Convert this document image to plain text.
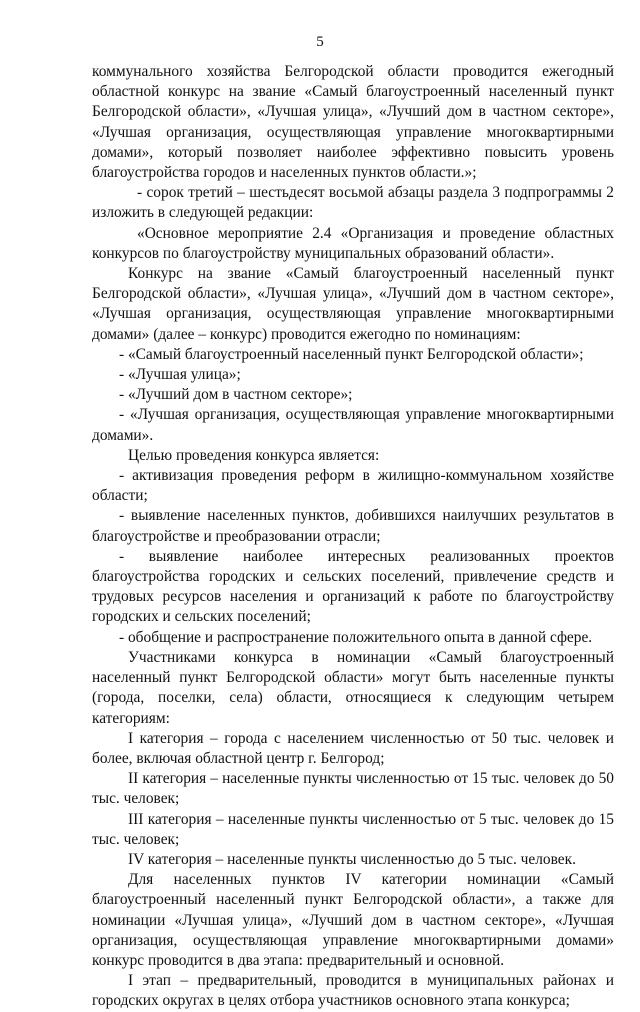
5

коммунального хозяйства Белгородской области проводится ежегодный областной конкурс на звание «Самый благоустроенный населенный пункт Белгородской области», «Лучшая улица», «Лучший дом в частном секторе», «Лучшая организация, осуществляющая управление многоквартирными домами», который позволяет наиболее эффективно повысить уровень благоустройства городов и населенных пунктов области.»;

- сорок третий – шестьдесят восьмой абзацы раздела 3 подпрограммы 2 изложить в следующей редакции:

«Основное мероприятие 2.4 «Организация и проведение областных конкурсов по благоустройству муниципальных образований области».

Конкурс на звание «Самый благоустроенный населенный пункт Белгородской области», «Лучшая улица», «Лучший дом в частном секторе», «Лучшая организация, осуществляющая управление многоквартирными домами» (далее – конкурс) проводится ежегодно по номинациям:

- «Самый благоустроенный населенный пункт Белгородской области»;

- «Лучшая улица»;

- «Лучший дом в частном секторе»;

- «Лучшая организация, осуществляющая управление многоквартирными домами».

Целью проведения конкурса является:

- активизация проведения реформ в жилищно-коммунальном хозяйстве области;

- выявление населенных пунктов, добившихся наилучших результатов в благоустройстве и преобразовании отрасли;

- выявление наиболее интересных реализованных проектов благоустройства городских и сельских поселений, привлечение средств и трудовых ресурсов населения и организаций к работе по благоустройству городских и сельских поселений;

- обобщение и распространение положительного опыта в данной сфере.

Участниками конкурса в номинации «Самый благоустроенный населенный пункт Белгородской области» могут быть населенные пункты (города, поселки, села) области, относящиеся к следующим четырем категориям:

I категория – города с населением численностью от 50 тыс. человек и более, включая областной центр г. Белгород;

II категория – населенные пункты численностью от 15 тыс. человек до 50 тыс. человек;

III категория – населенные пункты численностью от 5 тыс. человек до 15 тыс. человек;

IV категория – населенные пункты численностью до 5 тыс. человек.

Для населенных пунктов IV категории номинации «Самый благоустроенный населенный пункт Белгородской области», а также для номинации «Лучшая улица», «Лучший дом в частном секторе», «Лучшая организация, осуществляющая управление многоквартирными домами» конкурс проводится в два этапа: предварительный и основной.

I этап – предварительный, проводится в муниципальных районах и городских округах в целях отбора участников основного этапа конкурса;
